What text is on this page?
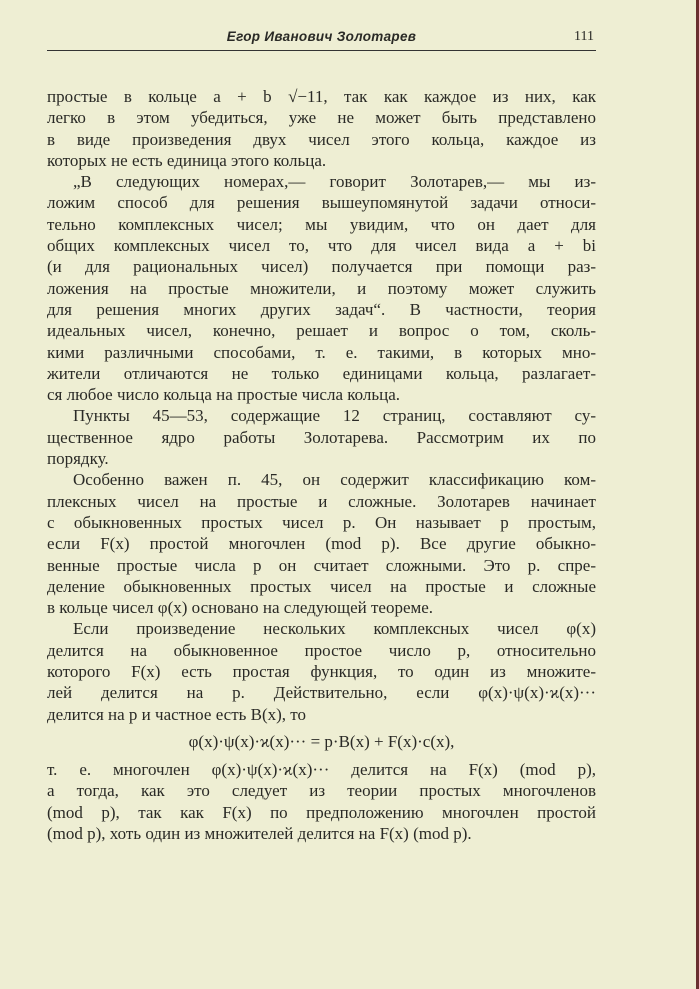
Егор Иванович Золотарев	111
простые в кольце a + b √−11, так как каждое из них, как
легко в этом убедиться, уже не может быть представлено
в виде произведения двух чисел этого кольца, каждое из
которых не есть единица этого кольца.
„В следующих номерах,— говорит Золотарев,— мы из-
ложим способ для решения вышеупомянутой задачи относи-
тельно комплексных чисел; мы увидим, что он дает для
общих комплексных чисел то, что для чисел вида a + bi
(и для рациональных чисел) получается при помощи раз-
ложения на простые множители, и поэтому может служить
для решения многих других задач“. В частности, теория
идеальных чисел, конечно, решает и вопрос о том, сколь-
кими различными способами, т. е. такими, в которых мно-
жители отличаются не только единицами кольца, разлагает-
ся любое число кольца на простые числа кольца.
Пункты 45—53, содержащие 12 страниц, составляют су-
щественное ядро работы Золотарева. Рассмотрим их по
порядку.
Особенно важен п. 45, он содержит классификацию ком-
плексных чисел на простые и сложные. Золотарев начинает
с обыкновенных простых чисел p. Он называет p простым,
если F(x) простой многочлен (mod p). Все другие обыкно-
венные простые числа p он считает сложными. Это р. спре-
деление обыкновенных простых чисел на простые и сложные
в кольце чисел φ(x) основано на следующей теореме.
Если произведение нескольких комплексных чисел φ(x)
делится на обыкновенное простое число p, относительно
которого F(x) есть простая функция, то один из множите-
лей делится на p. Действительно, если φ(x)·ψ(x)·ϰ(x)···
делится на p и частное есть B(x), то
φ(x)·ψ(x)·ϰ(x)··· = p·B(x) + F(x)·c(x),
т. е. многочлен φ(x)·ψ(x)·ϰ(x)··· делится на F(x) (mod p),
а тогда, как это следует из теории простых многочленов
(mod p), так как F(x) по предположению многочлен простой
(mod p), хоть один из множителей делится на F(x) (mod p).
